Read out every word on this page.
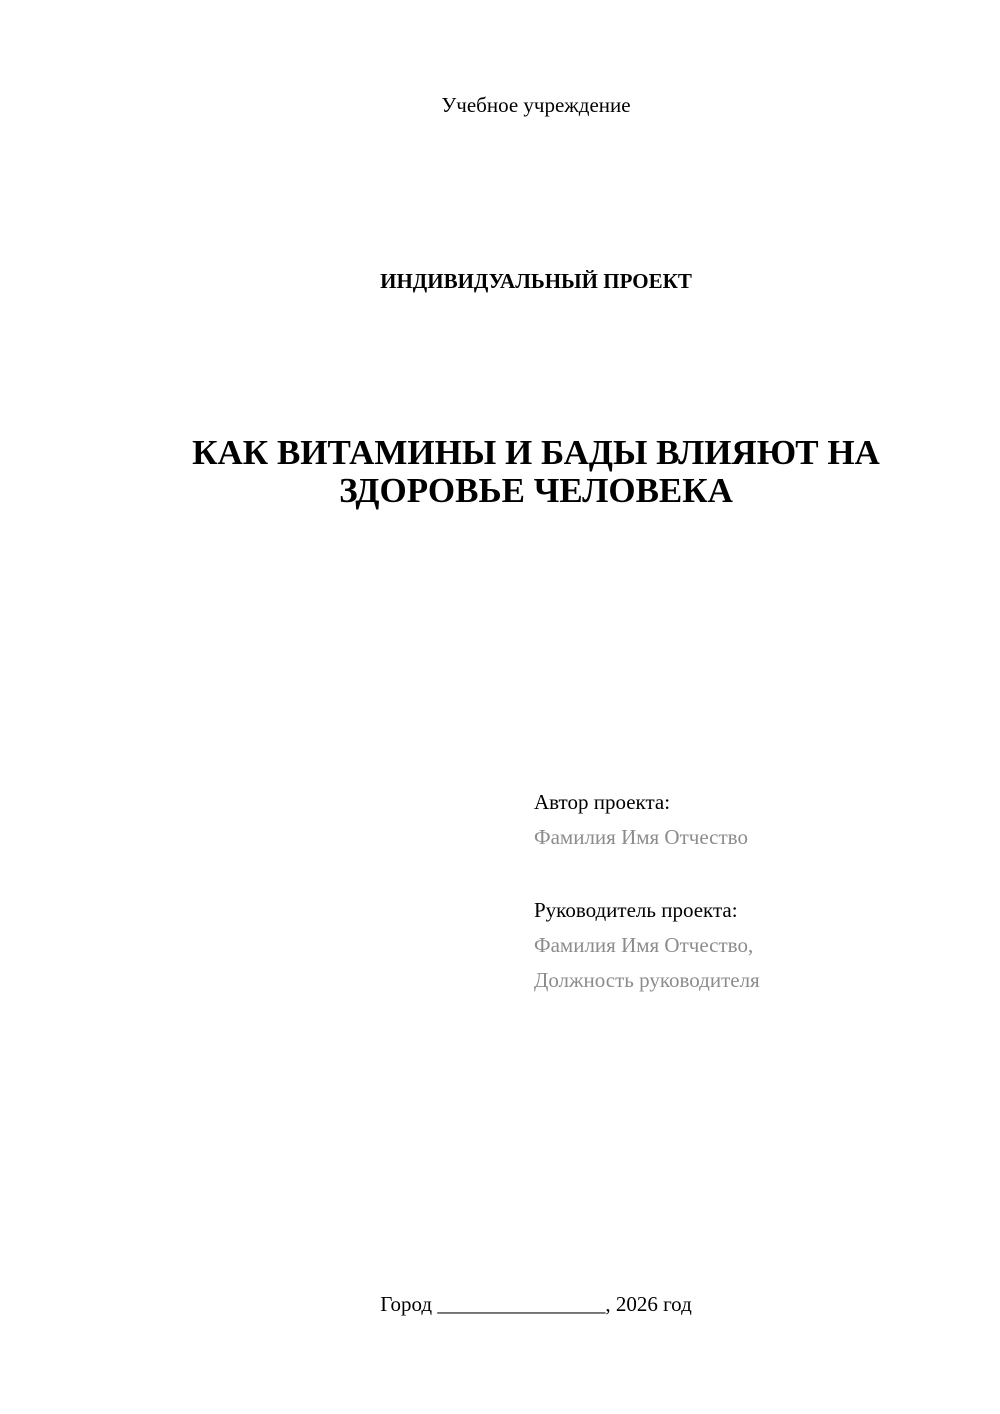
Учебное учреждение
ИНДИВИДУАЛЬНЫЙ ПРОЕКТ
КАК ВИТАМИНЫ И БАДЫ ВЛИЯЮТ НА
ЗДОРОВЬЕ ЧЕЛОВЕКА
Автор проекта:
Фамилия Имя Отчество
Руководитель проекта:
Фамилия Имя Отчество,
Должность руководителя
Город ________________, 2026 год
